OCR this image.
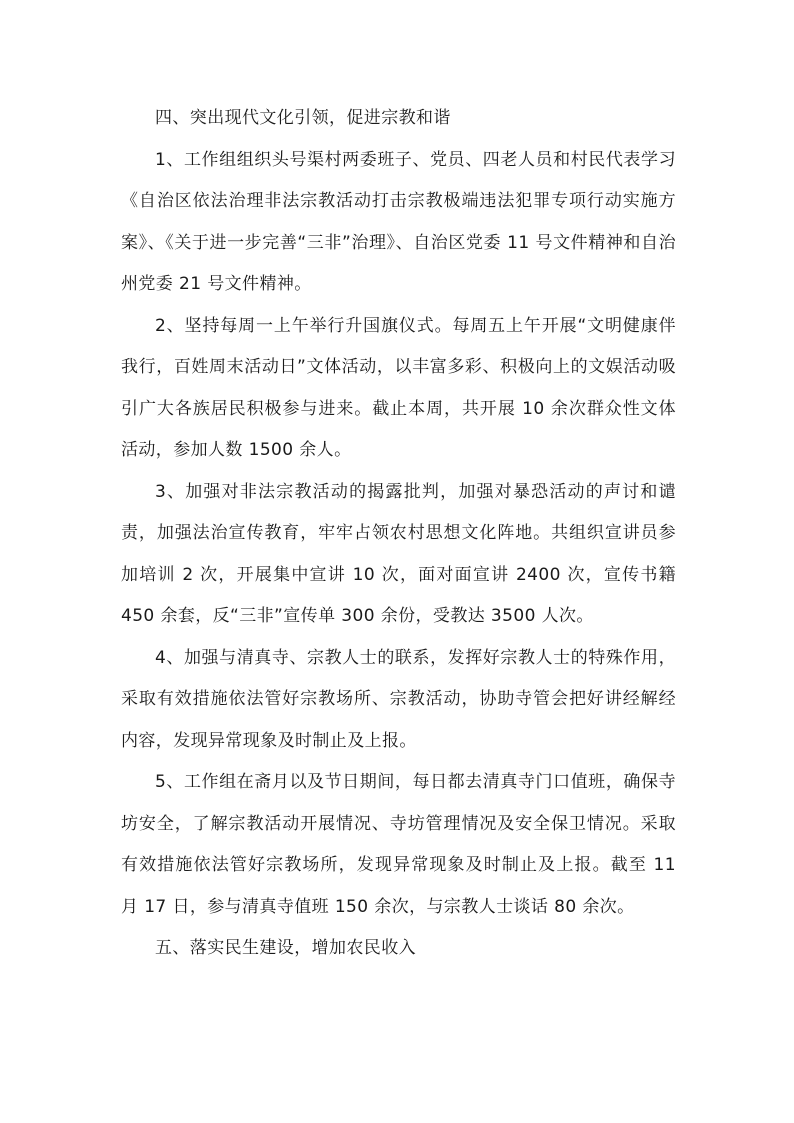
四、突出现代文化引领，促进宗教和谐

1、工作组组织头号渠村两委班子、党员、四老人员和村民代表学习《自治区依法治理非法宗教活动打击宗教极端违法犯罪专项行动实施方案》、《关于进一步完善“三非”治理》、自治区党委 11 号文件精神和自治州党委 21 号文件精神。

2、坚持每周一上午举行升国旗仪式。每周五上午开展“文明健康伴我行，百姓周末活动日”文体活动，以丰富多彩、积极向上的文娱活动吸引广大各族居民积极参与进来。截止本周，共开展 10 余次群众性文体活动，参加人数 1500 余人。

3、加强对非法宗教活动的揭露批判，加强对暴恐活动的声讨和谴责，加强法治宣传教育，牢牢占领农村思想文化阵地。共组织宣讲员参加培训 2 次，开展集中宣讲 10 次，面对面宣讲 2400 次，宣传书籍 450 余套，反“三非”宣传单 300 余份，受教达 3500 人次。

4、加强与清真寺、宗教人士的联系，发挥好宗教人士的特殊作用，采取有效措施依法管好宗教场所、宗教活动，协助寺管会把好讲经解经内容，发现异常现象及时制止及上报。

5、工作组在斋月以及节日期间，每日都去清真寺门口值班，确保寺坊安全，了解宗教活动开展情况、寺坊管理情况及安全保卫情况。采取有效措施依法管好宗教场所，发现异常现象及时制止及上报。截至 11 月 17 日，参与清真寺值班 150 余次，与宗教人士谈话 80 余次。

五、落实民生建设，增加农民收入
